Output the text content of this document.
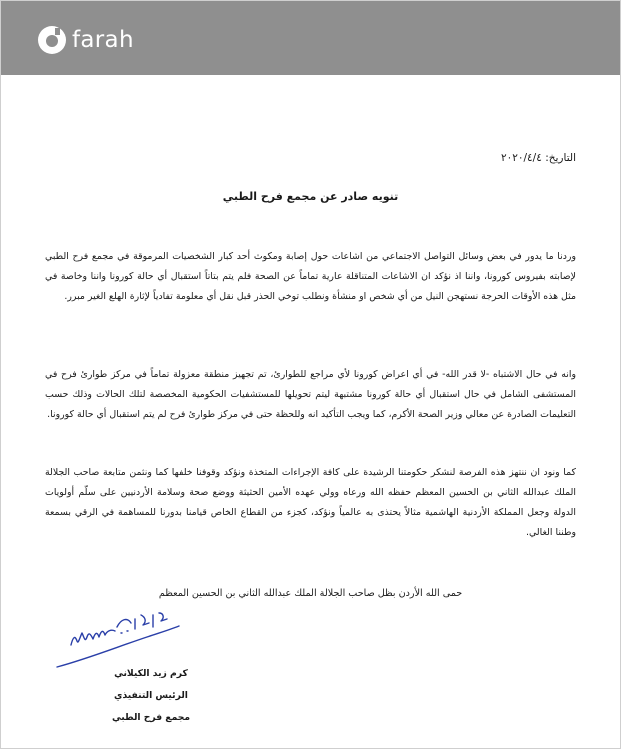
farah
التاريخ: ٢٠٢٠/٤/٤
تنويه صادر عن مجمع فرح الطبي
وردنا ما يدور في بعض وسائل التواصل الاجتماعي من اشاعات حول إصابة ومكوث أحد كبار الشخصيات المرموقة في مجمع فرح الطبي لإصابته بفيروس كورونا، واننا اذ نؤكد ان الاشاعات المتناقلة عارية تماماً عن الصحة فلم يتم بتاتاً استقبال أي حالة كورونا واننا وخاصة في مثل هذه الأوقات الحرجة نستهجن النيل من أي شخص او منشأة ونطلب توخي الحذر قبل نقل أي معلومة تفادياً لإثارة الهلع الغير مبرر.
وانه في حال الاشتباه -لا قدر الله- في أي اعراض كورونا لأي مراجع للطوارئ، تم تجهيز منطقة معزولة تماماً في مركز طوارئ فرح في المستشفى الشامل في حال استقبال أي حالة كورونا مشتبهة ليتم تحويلها للمستشفيات الحكومية المخصصة لتلك الحالات وذلك حسب التعليمات الصادرة عن معالي وزير الصحة الأكرم، كما ويجب التأكيد انه وللحظة حتى في مركز طوارئ فرح لم يتم استقبال أي حالة كورونا.
كما ونود ان ننتهز هذه الفرصة لنشكر حكومتنا الرشيدة على كافة الإجراءات المتخذة ونؤكد وقوفنا خلفها كما ونثمن متابعة صاحب الجلالة الملك عبدالله الثاني بن الحسين المعظم حفظه الله ورعاه وولي عهده الأمين الحثيثة ووضع صحة وسلامة الأردنيين على سلّم أولويات الدولة وجعل المملكة الأردنية الهاشمية مثالاً يحتذى به عالمياً ونؤكد، كجزء من القطاع الخاص قيامنا بدورنا للمساهمة في الرقي بسمعة وطننا الغالي.
حمى الله الأردن بظل صاحب الجلالة الملك عبدالله الثاني بن الحسين المعظم
كرم زيد الكيلاني
الرئيس التنفيذي
مجمع فرح الطبي
